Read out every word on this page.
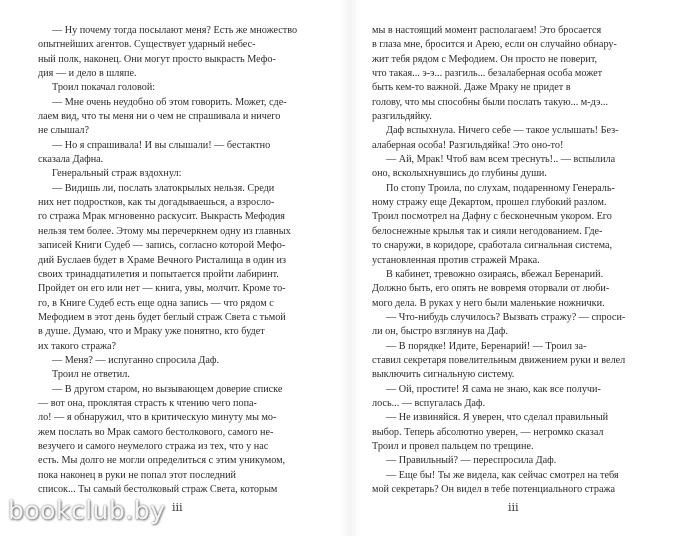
— Ну почему тогда посылают меня? Есть же множество
опытнейших агентов. Существует ударный небес-
ный полк, наконец. Они могут просто выкрасть Мефо-
дия — и дело в шляпе.
Троил покачал головой:
— Мне очень неудобно об этом говорить. Может, сде-
лаем вид, что ты меня ни о чем не спрашивала и ничего
не слышал?
— Но я спрашивала! И вы слышали! — бестактно
сказала Дафна.
Генеральный страж вздохнул:
— Видишь ли, послать златокрылых нельзя. Среди
них нет подростков, как ты догадываешься, а взросло-
го стража Мрак мгновенно раскусит. Выкрасть Мефодия
нельзя тем более. Этому мы перечеркнем одну из главных
записей Книги Судеб — запись, согласно которой Мефо-
дий Буслаев будет в Храме Вечного Ристалища в один из
своих тринадцатилетия и попытается пройти лабиринт.
Пройдет он его или нет — книга, увы, молчит. Кроме то-
го, в Книге Судеб есть еще одна запись — что рядом с
Мефодием в этот день будет беглый страж Света с тьмой
в душе. Думаю, что и Мраку уже понятно, кто будет
их такого стража?
— Меня? — испуганно спросила Даф.
Троил не ответил.
— В другом старом, но вызывающем доверие списке
— вот она, проклятая страсть к чтению чего попа-
ло! — я обнаружил, что в критическую минуту мы мо-
жем послать во Мрак самого бестолкового, самого не-
везучего и самого неумелого стража из тех, что у нас
есть. Мы долго не могли определиться с этим уникумом,
пока наконец в руки не попал этот последний
список... Ты самый бестолковый страж Света, которым
мы в настоящий момент располагаем! Это бросается
в глаза мне, бросится и Арею, если он случайно обнару-
жит тебя рядом с Мефодием. Он просто не поверит,
что такая... э-э... разгиль... безалаберная особа может
быть кем-то важной. Даже Мраку не придет в
голову, что мы способны были послать такую... м-дэ...
разгильдяйку.
Даф вспыхнула. Ничего себе — такое услышать! Без-
алаберная особа! Разгильдяйка! Это оно-то!
— Ай, Мрак! Чтоб вам всем треснуть!.. — вспылила
оно, всколыхнувшись до глубины души.
По стопу Троила, по слухам, подаренному Генераль-
ному стражу еще Декартом, прошел глубокий разлом.
Троил посмотрел на Дафну с бесконечным укором. Его
белоснежные крылья так и сияли негодованием. Где-
то снаружи, в коридоре, сработала сигнальная система,
установленная против стражей Мрака.
В кабинет, тревожно озираясь, вбежал Беренарий.
Должно быть, его опять не вовремя оторвали от люби-
мого дела. В руках у него были маленькие ножнички.
— Что-нибудь случилось? Вызвать стражу? — спроси-
ли он, быстро взглянув на Даф.
— В порядке! Идите, Беренарий! — Троил за-
ставил секретаря повелительным движением руки и велел
выключить сигнальную систему.
— Ой, простите! Я сама не знаю, как все получи-
лось... — вспугалась Даф.
— Не извиняйся. Я уверен, что сделал правильный
выбор. Теперь абсолютно уверен, — негромко сказал
Троил и провел пальцем по трещине.
— Правильный? — переспросила Даф.
— Еще бы! Ты же видела, как сейчас смотрел на тебя
мой секретарь? Он видел в тебе потенциального стража
ⅲ	ⅲ
bookclub.by
